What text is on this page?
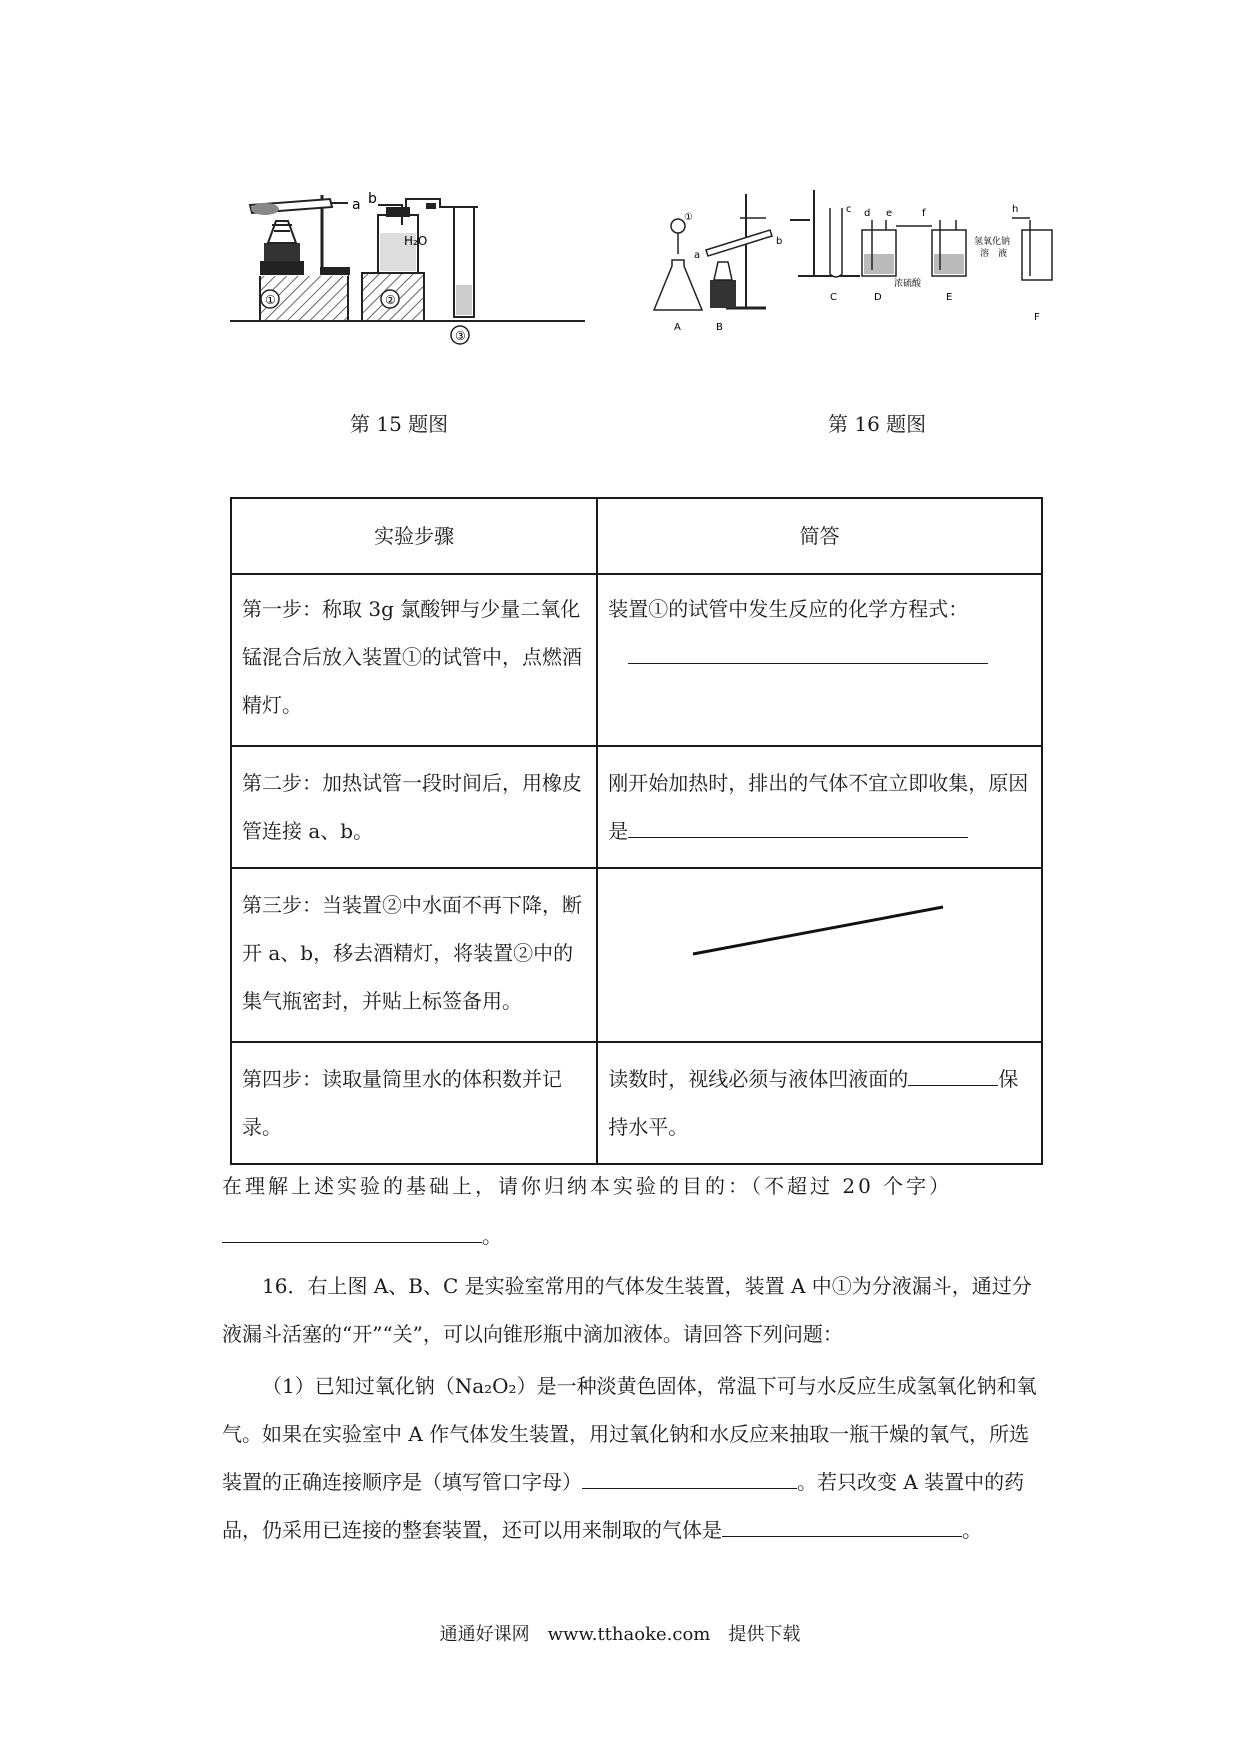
a b
H₂O
①	②
③
第 15 题图
①
a
A
b
B
c
C
d e
浓硫酸
D
f
氢氧化钠
溶　液
E
h
F
第 16 题图
实验步骤	简答
第一步：称取 3g 氯酸钾与少量二氧化锰混合后放入装置①的试管中，点燃酒精灯。	装置①的试管中发生反应的化学方程式：

第二步：加热试管一段时间后，用橡皮管连接 a、b。	刚开始加热时，排出的气体不宜立即收集，原因是
第三步：当装置②中水面不再下降，断开 a、b，移去酒精灯，将装置②中的集气瓶密封，并贴上标签备用。	

第四步：读取量筒里水的体积数并记录。	读数时，视线必须与液体凹液面的 保持水平。
在理解上述实验的基础上，请你归纳本实验的目的：（不超过 20 个字）
。
16．右上图 A、B、C 是实验室常用的气体发生装置，装置 A 中①为分液漏斗，通过分液漏斗活塞的“开”“关”，可以向锥形瓶中滴加液体。请回答下列问题：
（1）已知过氧化钠（Na₂O₂）是一种淡黄色固体，常温下可与水反应生成氢氧化钠和氧气。如果在实验室中 A 作气体发生装置，用过氧化钠和水反应来抽取一瓶干燥的氧气，所选装置的正确连接顺序是（填写管口字母）	。若只改变 A 装置中的药品，仍采用已连接的整套装置，还可以用来制取的气体是	。
通通好课网　www.tthaoke.com　提供下载
